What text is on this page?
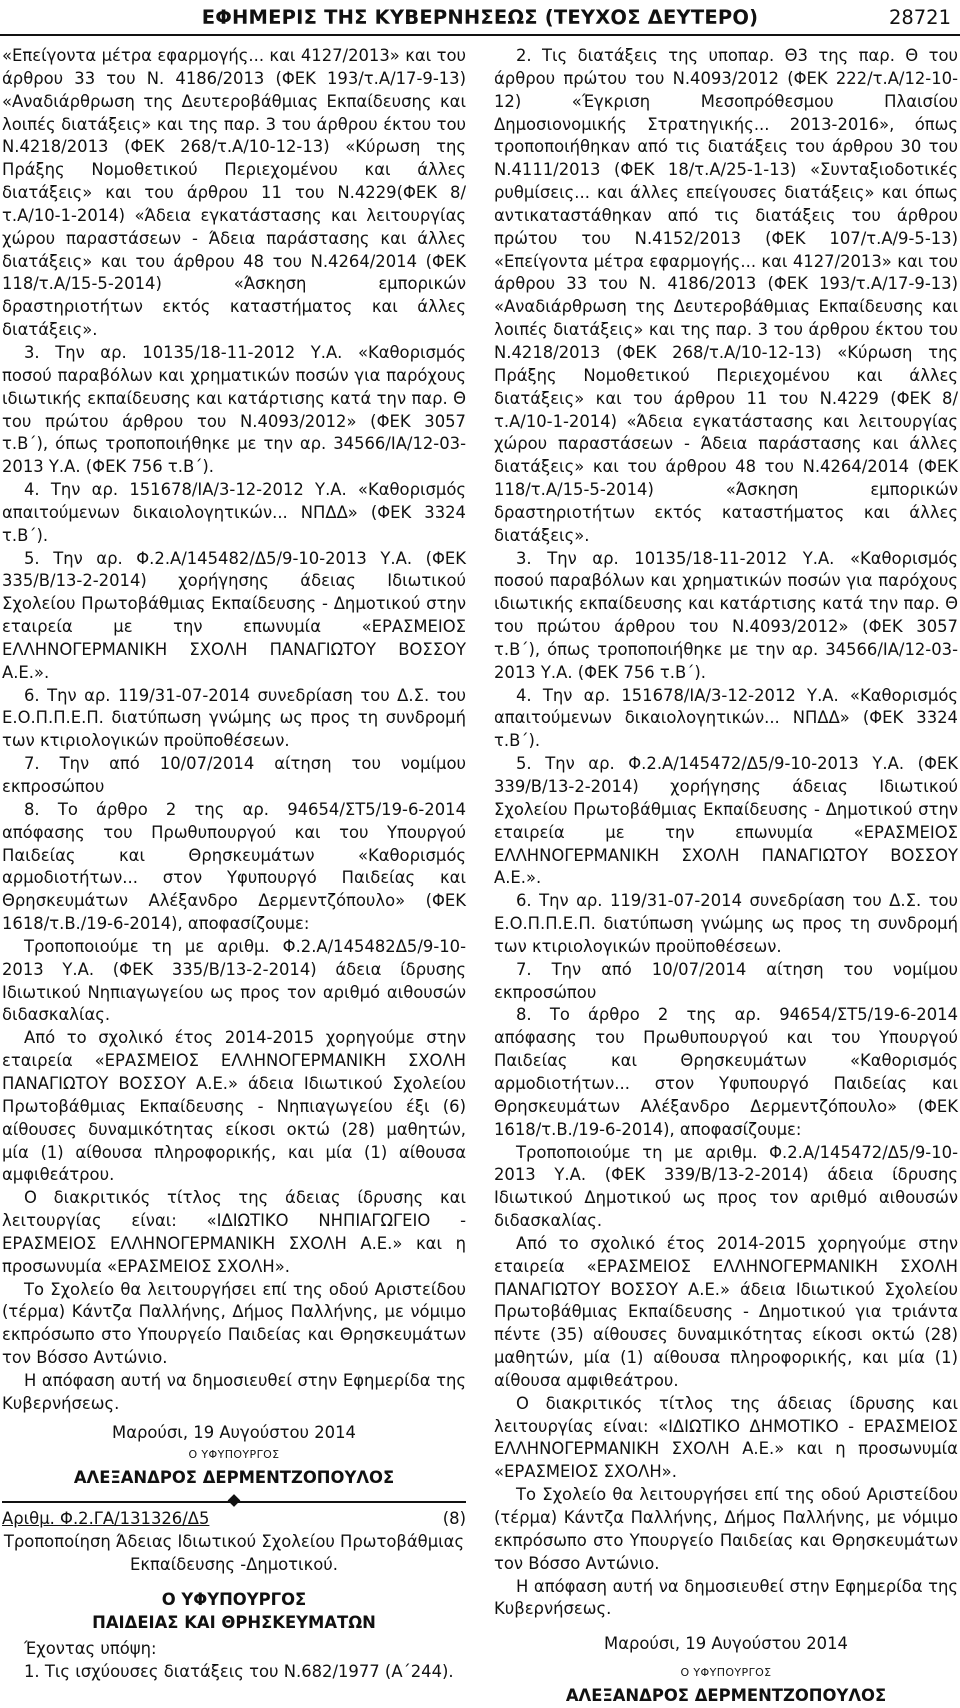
ΕΦΗΜΕΡΙΣ ΤΗΣ ΚΥΒΕΡΝΗΣΕΩΣ (ΤΕΥΧΟΣ ΔΕΥΤΕΡΟ)	28721

«Επείγοντα μέτρα εφαρμογής... και 4127/2013» και του άρθρου 33 του Ν. 4186/2013 (ΦΕΚ 193/τ.Α/17-9-13) «Αναδιάρθρωση της Δευτεροβάθμιας Εκπαίδευσης και λοιπές διατάξεις» και της παρ. 3 του άρθρου έκτου του Ν.4218/2013 (ΦΕΚ 268/τ.Α/10-12-13) «Κύρωση της Πράξης Νομοθετικού Περιεχομένου και άλλες διατάξεις» και του άρθρου 11 του Ν.4229(ΦΕΚ 8/τ.Α/10-1-2014) «Άδεια εγκατάστασης και λειτουργίας χώρου παραστάσεων - Άδεια παράστασης και άλλες διατάξεις» και του άρθρου 48 του Ν.4264/2014 (ΦΕΚ 118/τ.Α/15-5-2014) «Άσκηση εμπορικών δραστηριοτήτων εκτός καταστήματος και άλλες διατάξεις».

3. Την αρ. 10135/18-11-2012 Υ.Α. «Καθορισμός ποσού παραβόλων και χρηματικών ποσών για παρόχους ιδιωτικής εκπαίδευσης και κατάρτισης κατά την παρ. Θ του πρώτου άρθρου του Ν.4093/2012» (ΦΕΚ 3057 τ.Β΄), όπως τροποποιήθηκε με την αρ. 34566/ΙΑ/12-03-2013 Υ.Α. (ΦΕΚ 756 τ.Β΄).

4. Την αρ. 151678/ΙΑ/3-12-2012 Υ.Α. «Καθορισμός απαιτούμενων δικαιολογητικών... ΝΠΔΔ» (ΦΕΚ 3324 τ.Β΄).

5. Την αρ. Φ.2.Α/145482/Δ5/9-10-2013 Υ.Α. (ΦΕΚ 335/Β/13-2-2014) χορήγησης άδειας Ιδιωτικού Σχολείου Πρωτοβάθμιας Εκπαίδευσης - Δημοτικού στην εταιρεία με την επωνυμία «ΕΡΑΣΜΕΙΟΣ ΕΛΛΗΝΟΓΕΡΜΑΝΙΚΗ ΣΧΟΛΗ ΠΑΝΑΓΙΩΤΟΥ ΒΟΣΣΟΥ Α.Ε.».

6. Την αρ. 119/31-07-2014 συνεδρίαση του Δ.Σ. του Ε.Ο.Π.Π.Ε.Π. διατύπωση γνώμης ως προς τη συνδρομή των κτιριολογικών προϋποθέσεων.

7. Την από 10/07/2014 αίτηση του νομίμου εκπροσώπου

8. Το άρθρο 2 της αρ. 94654/ΣΤ5/19-6-2014 απόφασης του Πρωθυπουργού και του Υπουργού Παιδείας και Θρησκευμάτων «Καθορισμός αρμοδιοτήτων... στον Υφυπουργό Παιδείας και Θρησκευμάτων Αλέξανδρο Δερμεντζόπουλο» (ΦΕΚ 1618/τ.Β./19-6-2014), αποφασίζουμε:

Τροποποιούμε τη με αριθμ. Φ.2.Α/145482Δ5/9-10-2013 Υ.Α. (ΦΕΚ 335/Β/13-2-2014) άδεια ίδρυσης Ιδιωτικού Νηπιαγωγείου ως προς τον αριθμό αιθουσών διδασκαλίας.

Από το σχολικό έτος 2014-2015 χορηγούμε στην εταιρεία «ΕΡΑΣΜΕΙΟΣ ΕΛΛΗΝΟΓΕΡΜΑΝΙΚΗ ΣΧΟΛΗ ΠΑΝΑΓΙΩΤΟΥ ΒΟΣΣΟΥ Α.Ε.» άδεια Ιδιωτικού Σχολείου Πρωτοβάθμιας Εκπαίδευσης - Νηπιαγωγείου έξι (6) αίθουσες δυναμικότητας είκοσι οκτώ (28) μαθητών, μία (1) αίθουσα πληροφορικής, και μία (1) αίθουσα αμφιθεάτρου.

Ο διακριτικός τίτλος της άδειας ίδρυσης και λειτουργίας είναι: «ΙΔΙΩΤΙΚΟ ΝΗΠΙΑΓΩΓΕΙΟ - ΕΡΑΣΜΕΙΟΣ ΕΛΛΗΝΟΓΕΡΜΑΝΙΚΗ ΣΧΟΛΗ Α.Ε.» και η προσωνυμία «ΕΡΑΣΜΕΙΟΣ ΣΧΟΛΗ».

Το Σχολείο θα λειτουργήσει επί της οδού Αριστείδου (τέρμα) Κάντζα Παλλήνης, Δήμος Παλλήνης, με νόμιμο εκπρόσωπο στο Υπουργείο Παιδείας και Θρησκευμάτων τον Βόσσο Αντώνιο.

Η απόφαση αυτή να δημοσιευθεί στην Εφημερίδα της Κυβερνήσεως.

Μαρούσι, 19 Αυγούστου 2014

Ο ΥΦΥΠΟΥΡΓΟΣ

ΑΛΕΞΑΝΔΡΟΣ ΔΕΡΜΕΝΤΖΟΠΟΥΛΟΣ

Αριθμ. Φ.2.ΓΑ/131326/Δ5	(8)

Τροποποίηση Άδειας Ιδιωτικού Σχολείου Πρωτοβάθμιας Εκπαίδευσης -Δημοτικού.

Ο ΥΦΥΠΟΥΡΓΟΣ

ΠΑΙΔΕΙΑΣ ΚΑΙ ΘΡΗΣΚΕΥΜΑΤΩΝ

Έχοντας υπόψη:

1. Τις ισχύουσες διατάξεις του Ν.682/1977 (Α΄244).

2. Τις διατάξεις της υποπαρ. Θ3 της παρ. Θ του άρθρου πρώτου του Ν.4093/2012 (ΦΕΚ 222/τ.Α/12-10-12) «Έγκριση Μεσοπρόθεσμου Πλαισίου Δημοσιονομικής Στρατηγικής... 2013-2016», όπως τροποποιήθηκαν από τις διατάξεις του άρθρου 30 του Ν.4111/2013 (ΦΕΚ 18/τ.Α/25-1-13) «Συνταξιοδοτικές ρυθμίσεις... και άλλες επείγουσες διατάξεις» και όπως αντικαταστάθηκαν από τις διατάξεις του άρθρου πρώτου του Ν.4152/2013 (ΦΕΚ 107/τ.Α/9-5-13) «Επείγοντα μέτρα εφαρμογής... και 4127/2013» και του άρθρου 33 του Ν. 4186/2013 (ΦΕΚ 193/τ.Α/17-9-13) «Αναδιάρθρωση της Δευτεροβάθμιας Εκπαίδευσης και λοιπές διατάξεις» και της παρ. 3 του άρθρου έκτου του Ν.4218/2013 (ΦΕΚ 268/τ.Α/10-12-13) «Κύρωση της Πράξης Νομοθετικού Περιεχομένου και άλλες διατάξεις» και του άρθρου 11 του Ν.4229 (ΦΕΚ 8/τ.Α/10-1-2014) «Άδεια εγκατάστασης και λειτουργίας χώρου παραστάσεων - Άδεια παράστασης και άλλες διατάξεις» και του άρθρου 48 του Ν.4264/2014 (ΦΕΚ 118/τ.Α/15-5-2014) «Άσκηση εμπορικών δραστηριοτήτων εκτός καταστήματος και άλλες διατάξεις».

3. Την αρ. 10135/18-11-2012 Υ.Α. «Καθορισμός ποσού παραβόλων και χρηματικών ποσών για παρόχους ιδιωτικής εκπαίδευσης και κατάρτισης κατά την παρ. Θ του πρώτου άρθρου του Ν.4093/2012» (ΦΕΚ 3057 τ.Β΄), όπως τροποποιήθηκε με την αρ. 34566/ΙΑ/12-03-2013 Υ.Α. (ΦΕΚ 756 τ.Β΄).

4. Την αρ. 151678/ΙΑ/3-12-2012 Υ.Α. «Καθορισμός απαιτούμενων δικαιολογητικών... ΝΠΔΔ» (ΦΕΚ 3324 τ.Β΄).

5. Την αρ. Φ.2.Α/145472/Δ5/9-10-2013 Υ.Α. (ΦΕΚ 339/Β/13-2-2014) χορήγησης άδειας Ιδιωτικού Σχολείου Πρωτοβάθμιας Εκπαίδευσης - Δημοτικού στην εταιρεία με την επωνυμία «ΕΡΑΣΜΕΙΟΣ ΕΛΛΗΝΟΓΕΡΜΑΝΙΚΗ ΣΧΟΛΗ ΠΑΝΑΓΙΩΤΟΥ ΒΟΣΣΟΥ Α.Ε.».

6. Την αρ. 119/31-07-2014 συνεδρίαση του Δ.Σ. του Ε.Ο.Π.Π.Ε.Π. διατύπωση γνώμης ως προς τη συνδρομή των κτιριολογικών προϋποθέσεων.

7. Την από 10/07/2014 αίτηση του νομίμου εκπροσώπου

8. Το άρθρο 2 της αρ. 94654/ΣΤ5/19-6-2014 απόφασης του Πρωθυπουργού και του Υπουργού Παιδείας και Θρησκευμάτων «Καθορισμός αρμοδιοτήτων... στον Υφυπουργό Παιδείας και Θρησκευμάτων Αλέξανδρο Δερμεντζόπουλο» (ΦΕΚ 1618/τ.Β./19-6-2014), αποφασίζουμε:

Τροποποιούμε τη με αριθμ. Φ.2.Α/145472/Δ5/9-10-2013 Υ.Α. (ΦΕΚ 339/Β/13-2-2014) άδεια ίδρυσης Ιδιωτικού Δημοτικού ως προς τον αριθμό αιθουσών διδασκαλίας.

Από το σχολικό έτος 2014-2015 χορηγούμε στην εταιρεία «ΕΡΑΣΜΕΙΟΣ ΕΛΛΗΝΟΓΕΡΜΑΝΙΚΗ ΣΧΟΛΗ ΠΑΝΑΓΙΩΤΟΥ ΒΟΣΣΟΥ Α.Ε.» άδεια Ιδιωτικού Σχολείου Πρωτοβάθμιας Εκπαίδευσης - Δημοτικού για τριάντα πέντε (35) αίθουσες δυναμικότητας είκοσι οκτώ (28) μαθητών, μία (1) αίθουσα πληροφορικής, και μία (1) αίθουσα αμφιθεάτρου.

Ο διακριτικός τίτλος της άδειας ίδρυσης και λειτουργίας είναι: «ΙΔΙΩΤΙΚΟ ΔΗΜΟΤΙΚΟ - ΕΡΑΣΜΕΙΟΣ ΕΛΛΗΝΟΓΕΡΜΑΝΙΚΗ ΣΧΟΛΗ Α.Ε.» και η προσωνυμία «ΕΡΑΣΜΕΙΟΣ ΣΧΟΛΗ».

Το Σχολείο θα λειτουργήσει επί της οδού Αριστείδου (τέρμα) Κάντζα Παλλήνης, Δήμος Παλλήνης, με νόμιμο εκπρόσωπο στο Υπουργείο Παιδείας και Θρησκευμάτων τον Βόσσο Αντώνιο.

Η απόφαση αυτή να δημοσιευθεί στην Εφημερίδα της Κυβερνήσεως.

Μαρούσι, 19 Αυγούστου 2014

Ο ΥΦΥΠΟΥΡΓΟΣ

ΑΛΕΞΑΝΔΡΟΣ ΔΕΡΜΕΝΤΖΟΠΟΥΛΟΣ
